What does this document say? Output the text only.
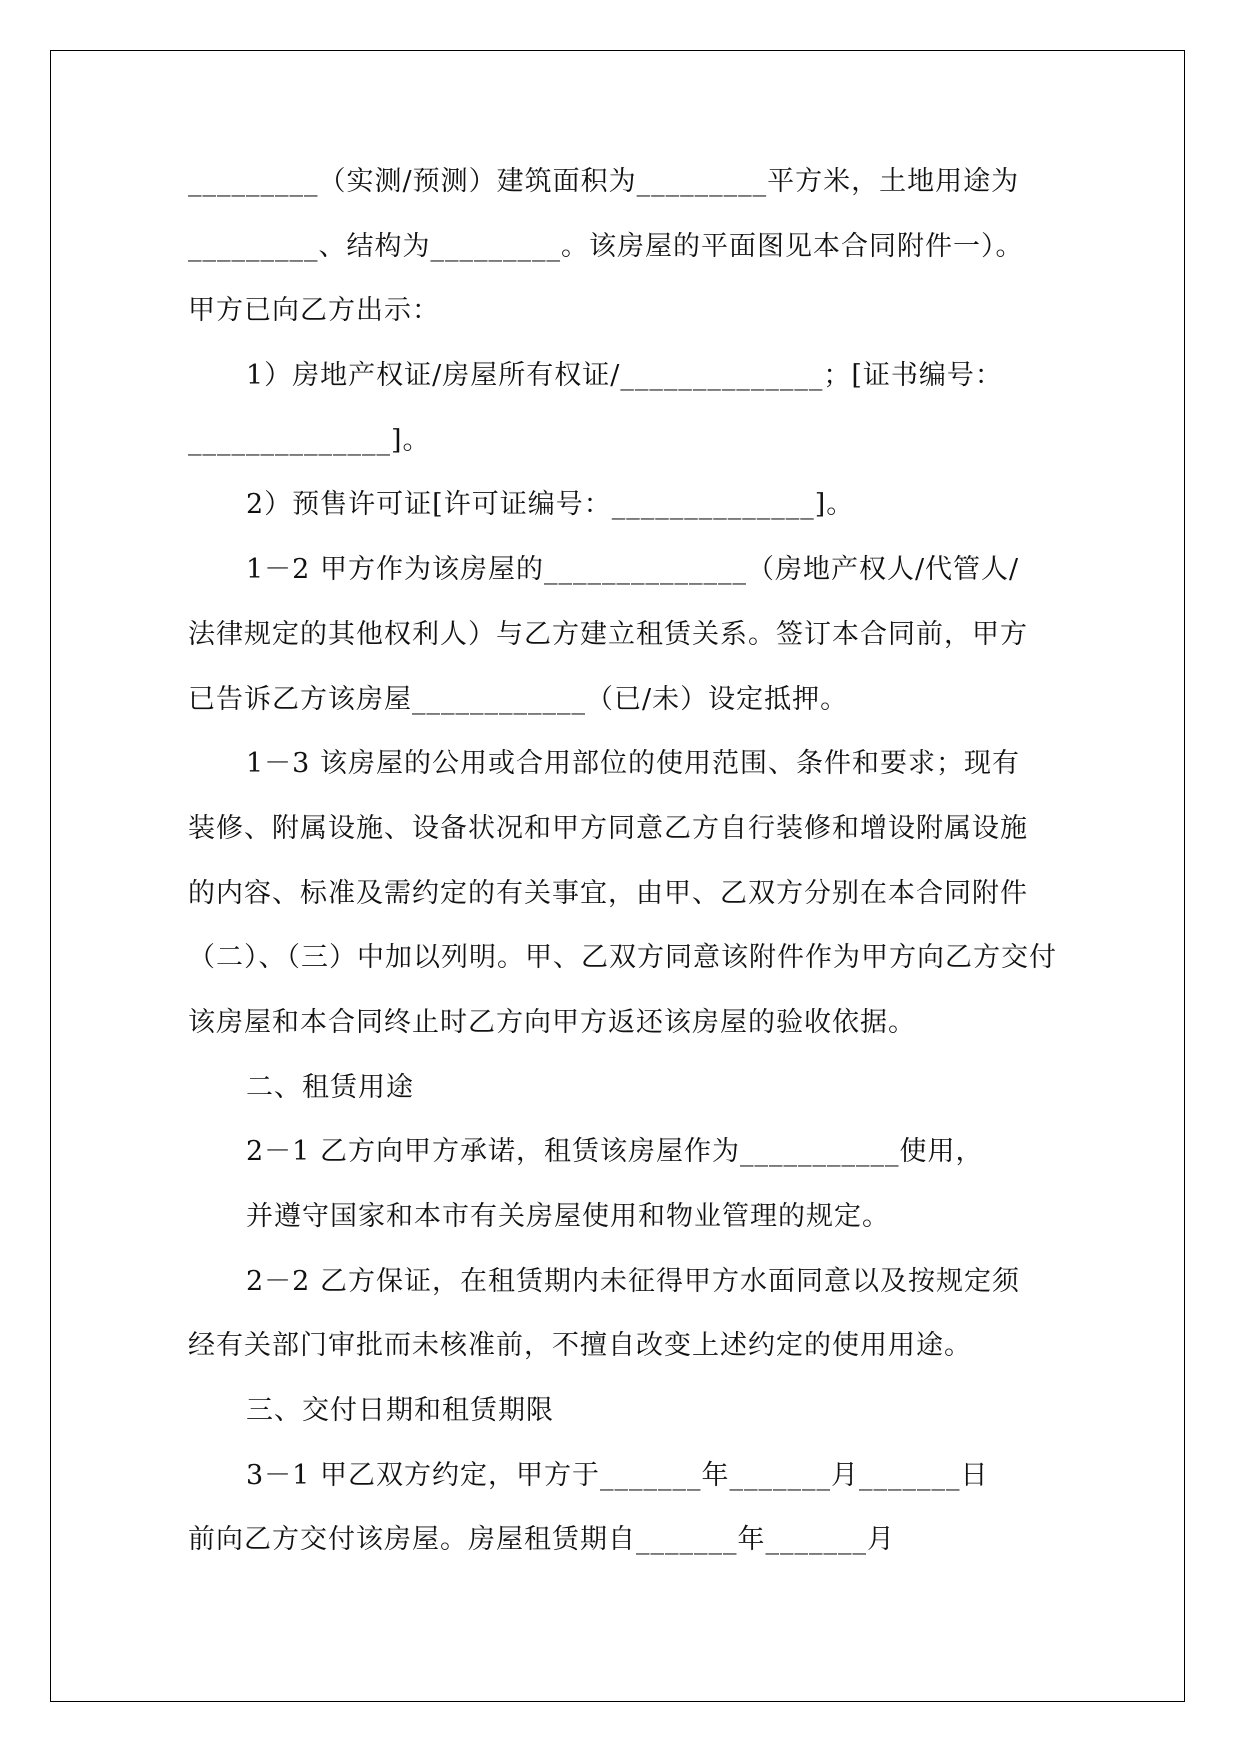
_________（实测/预测）建筑面积为_________平方米，土地用途为
_________、结构为_________。该房屋的平面图见本合同附件一）。
甲方已向乙方出示：
1）房地产权证/房屋所有权证/______________；[证书编号：
______________]。
2）预售许可证[许可证编号：______________]。
1－2 甲方作为该房屋的______________（房地产权人/代管人/
法律规定的其他权利人）与乙方建立租赁关系。签订本合同前，甲方
已告诉乙方该房屋____________（已/未）设定抵押。
1－3 该房屋的公用或合用部位的使用范围、条件和要求；现有
装修、附属设施、设备状况和甲方同意乙方自行装修和增设附属设施
的内容、标准及需约定的有关事宜，由甲、乙双方分别在本合同附件
（二）、（三）中加以列明。甲、乙双方同意该附件作为甲方向乙方交付
该房屋和本合同终止时乙方向甲方返还该房屋的验收依据。
二、租赁用途
2－1 乙方向甲方承诺，租赁该房屋作为___________使用，
并遵守国家和本市有关房屋使用和物业管理的规定。
2－2 乙方保证，在租赁期内未征得甲方水面同意以及按规定须
经有关部门审批而未核准前，不擅自改变上述约定的使用用途。
三、交付日期和租赁期限
3－1 甲乙双方约定，甲方于_______年_______月_______日
前向乙方交付该房屋。房屋租赁期自_______年_______月
